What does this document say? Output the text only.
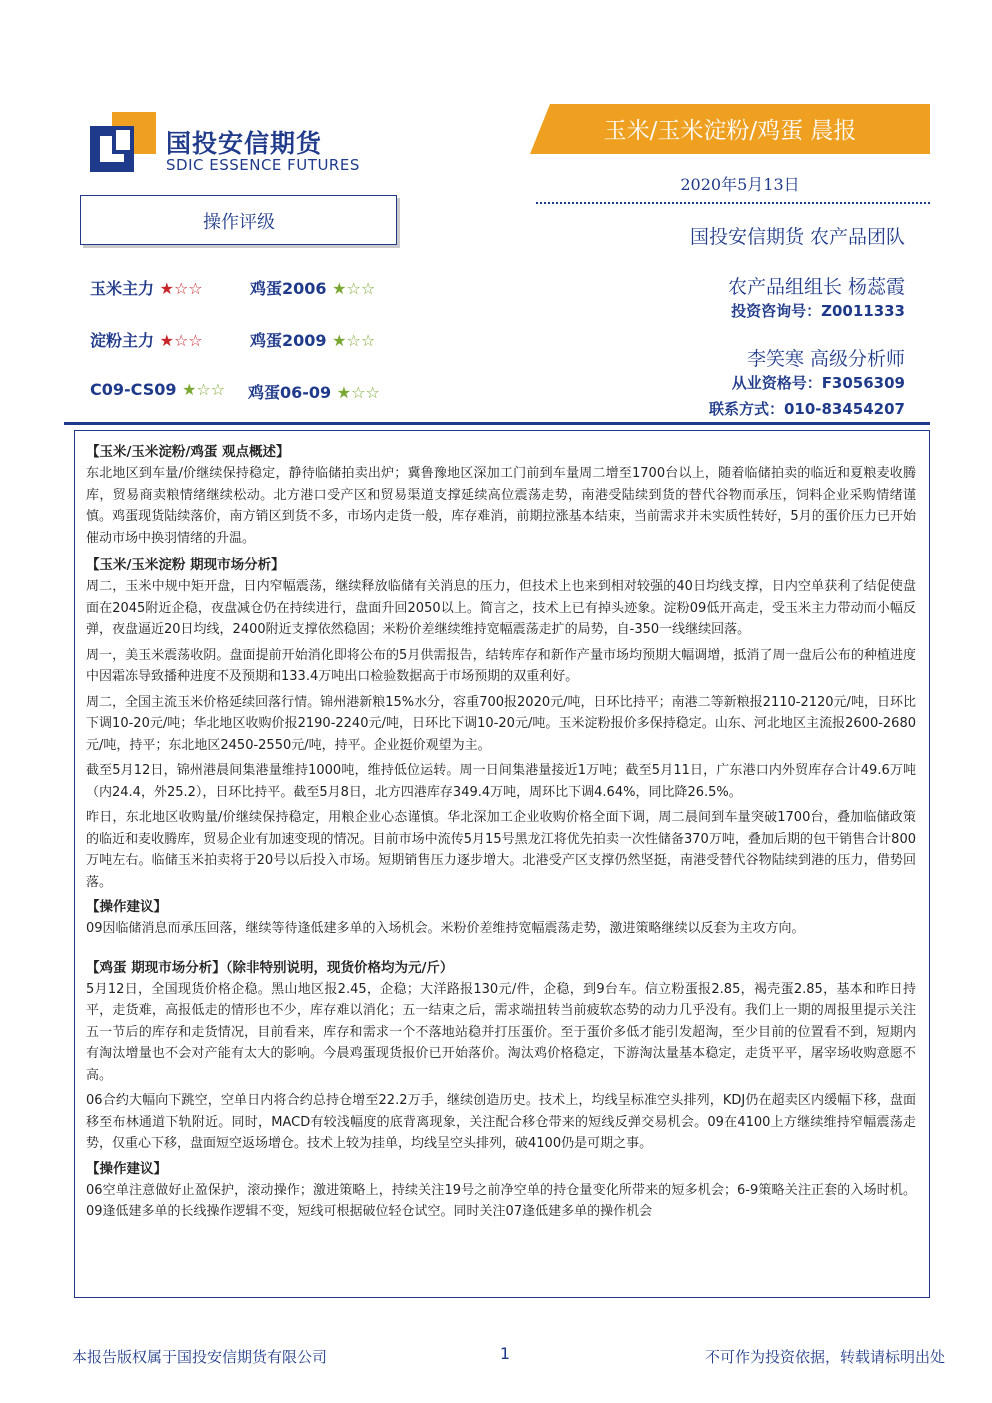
国投安信期货
SDIC ESSENCE FUTURES
玉米/玉米淀粉/鸡蛋 晨报
2020年5月13日
操作评级
玉米主力 ★☆☆	鸡蛋2006 ★☆☆
淀粉主力 ★☆☆	鸡蛋2009 ★☆☆
C09-CS09 ★☆☆ 鸡蛋06-09 ★☆☆
国投安信期货 农产品团队
农产品组组长 杨蕊霞
投资咨询号：Z0011333
李笑寒 高级分析师
从业资格号：F3056309
联系方式：010-83454207
【玉米/玉米淀粉/鸡蛋 观点概述】

东北地区到车量/价继续保持稳定，静待临储拍卖出炉；冀鲁豫地区深加工门前到车量周二增至1700台以上，随着临储拍卖的临近和夏粮麦收腾库，贸易商卖粮情绪继续松动。北方港口受产区和贸易渠道支撑延续高位震荡走势，南港受陆续到货的替代谷物而承压，饲料企业采购情绪谨慎。鸡蛋现货陆续落价，南方销区到货不多，市场内走货一般，库存难消，前期拉涨基本结束，当前需求并未实质性转好，5月的蛋价压力已开始催动市场中换羽情绪的升温。

【玉米/玉米淀粉 期现市场分析】

周二，玉米中规中矩开盘，日内窄幅震荡，继续释放临储有关消息的压力，但技术上也来到相对较强的40日均线支撑，日内空单获利了结促使盘面在2045附近企稳，夜盘减仓仍在持续进行，盘面升回2050以上。简言之，技术上已有掉头迹象。淀粉09低开高走，受玉米主力带动而小幅反弹，夜盘逼近20日均线，2400附近支撑依然稳固；米粉价差继续维持宽幅震荡走扩的局势，自-350一线继续回落。

周一，美玉米震荡收阴。盘面提前开始消化即将公布的5月供需报告，结转库存和新作产量市场均预期大幅调增，抵消了周一盘后公布的种植进度中因霜冻导致播种进度不及预期和133.4万吨出口检验数据高于市场预期的双重利好。

周二，全国主流玉米价格延续回落行情。锦州港新粮15%水分，容重700报2020元/吨，日环比持平；南港二等新粮报2110-2120元/吨，日环比下调10-20元/吨；华北地区收购价报2190-2240元/吨，日环比下调10-20元/吨。玉米淀粉报价多保持稳定。山东、河北地区主流报2600-2680元/吨，持平；东北地区2450-2550元/吨，持平。企业挺价观望为主。

截至5月12日，锦州港晨间集港量维持1000吨，维持低位运转。周一日间集港量接近1万吨；截至5月11日，广东港口内外贸库存合计49.6万吨（内24.4，外25.2），日环比持平。截至5月8日，北方四港库存349.4万吨，周环比下调4.64%，同比降26.5%。

昨日，东北地区收购量/价继续保持稳定，用粮企业心态谨慎。华北深加工企业收购价格全面下调，周二晨间到车量突破1700台，叠加临储政策的临近和麦收腾库，贸易企业有加速变现的情况。目前市场中流传5月15号黑龙江将优先拍卖一次性储备370万吨，叠加后期的包干销售合计800万吨左右。临储玉米拍卖将于20号以后投入市场。短期销售压力逐步增大。北港受产区支撑仍然坚挺，南港受替代谷物陆续到港的压力，借势回落。

【操作建议】

09因临储消息而承压回落，继续等待逢低建多单的入场机会。米粉价差维持宽幅震荡走势，激进策略继续以反套为主攻方向。

【鸡蛋 期现市场分析】（除非特别说明，现货价格均为元/斤）

5月12日，全国现货价格企稳。黑山地区报2.45，企稳；大洋路报130元/件，企稳，到9台车。信立粉蛋报2.85，褐壳蛋2.85，基本和昨日持平，走货难，高报低走的情形也不少，库存难以消化；五一结束之后，需求端扭转当前疲软态势的动力几乎没有。我们上一期的周报里提示关注五一节后的库存和走货情况，目前看来，库存和需求一个不落地站稳并打压蛋价。至于蛋价多低才能引发超淘，至少目前的位置看不到，短期内有淘汰增量也不会对产能有太大的影响。今晨鸡蛋现货报价已开始落价。淘汰鸡价格稳定，下游淘汰量基本稳定，走货平平，屠宰场收购意愿不高。

06合约大幅向下跳空，空单日内将合约总持仓增至22.2万手，继续创造历史。技术上，均线呈标准空头排列，KDJ仍在超卖区内缓幅下移，盘面移至布林通道下轨附近。同时，MACD有较浅幅度的底背离现象，关注配合移仓带来的短线反弹交易机会。09在4100上方继续维持窄幅震荡走势，仅重心下移，盘面短空返场增仓。技术上较为挂单，均线呈空头排列，破4100仍是可期之事。

【操作建议】

06空单注意做好止盈保护，滚动操作；激进策略上，持续关注19号之前净空单的持仓量变化所带来的短多机会；6-9策略关注正套的入场时机。09逢低建多单的长线操作逻辑不变，短线可根据破位轻仓试空。同时关注07逢低建多单的操作机会

本报告版权属于国投安信期货有限公司	1	不可作为投资依据，转载请标明出处
